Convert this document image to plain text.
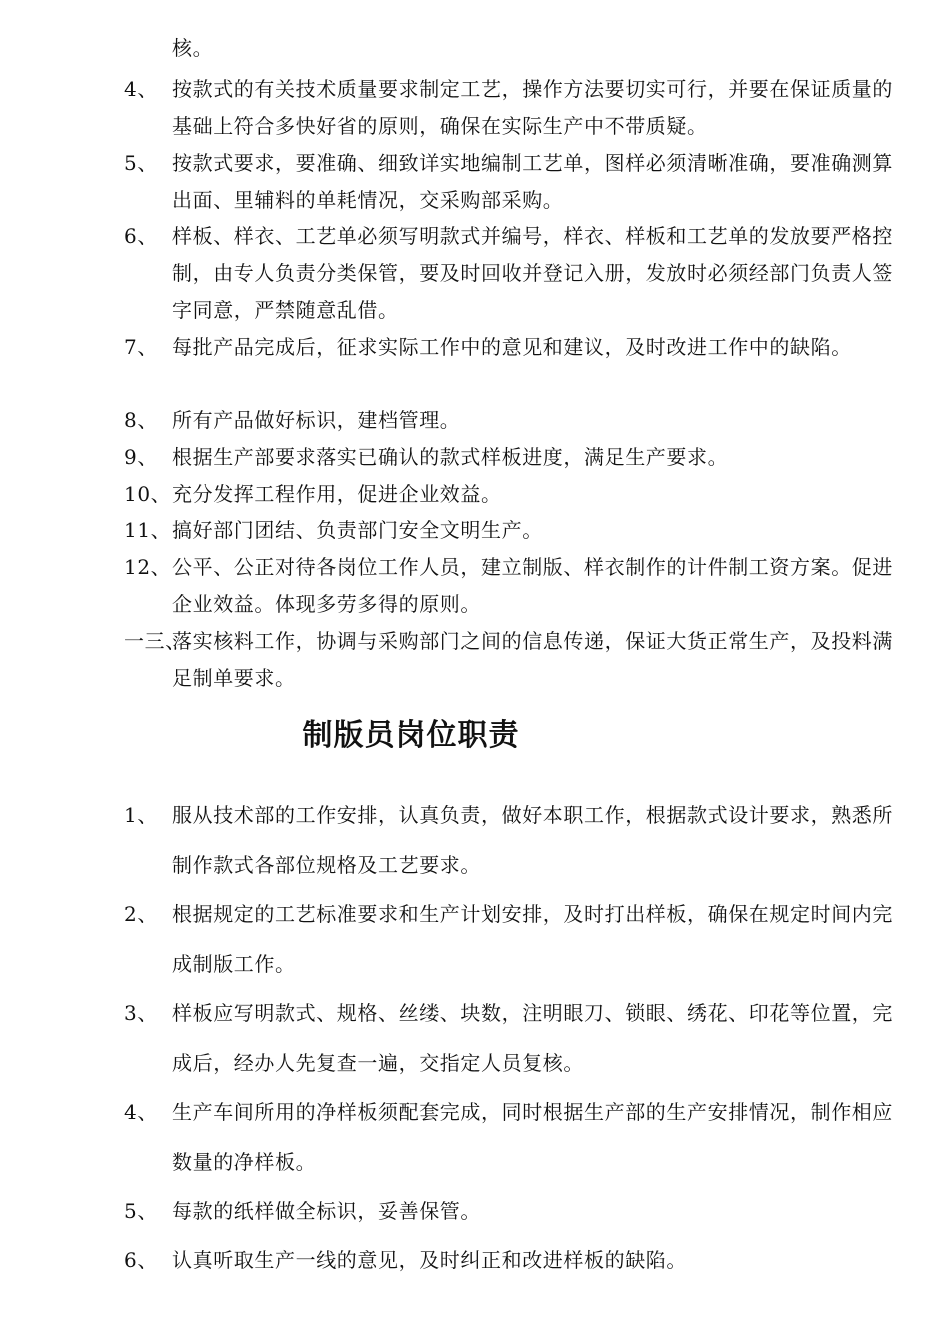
核。
4、 按款式的有关技术质量要求制定工艺，操作方法要切实可行，并要在保证质量的基础上符合多快好省的原则，确保在实际生产中不带质疑。
5、 按款式要求，要准确、细致详实地编制工艺单，图样必须清晰准确，要准确测算出面、里辅料的单耗情况，交采购部采购。
6、 样板、样衣、工艺单必须写明款式并编号，样衣、样板和工艺单的发放要严格控制，由专人负责分类保管，要及时回收并登记入册，发放时必须经部门负责人签字同意，严禁随意乱借。
7、 每批产品完成后，征求实际工作中的意见和建议，及时改进工作中的缺陷。
8、 所有产品做好标识，建档管理。
9、 根据生产部要求落实已确认的款式样板进度，满足生产要求。
10、 充分发挥工程作用，促进企业效益。
11、 搞好部门团结、负责部门安全文明生产。
12、 公平、公正对待各岗位工作人员，建立制版、样衣制作的计件制工资方案。促进企业效益。体现多劳多得的原则。
一三、
落实核料工作，协调与采购部门之间的信息传递，保证大货正常生产，及投料满足制单要求。
制版员岗位职责
1、 服从技术部的工作安排，认真负责，做好本职工作，根据款式设计要求，熟悉所制作款式各部位规格及工艺要求。
2、 根据规定的工艺标准要求和生产计划安排，及时打出样板，确保在规定时间内完成制版工作。
3、 样板应写明款式、规格、丝缕、块数，注明眼刀、锁眼、绣花、印花等位置，完成后，经办人先复查一遍，交指定人员复核。
4、 生产车间所用的净样板须配套完成，同时根据生产部的生产安排情况，制作相应数量的净样板。
5、 每款的纸样做全标识，妥善保管。
6、 认真听取生产一线的意见，及时纠正和改进样板的缺陷。
